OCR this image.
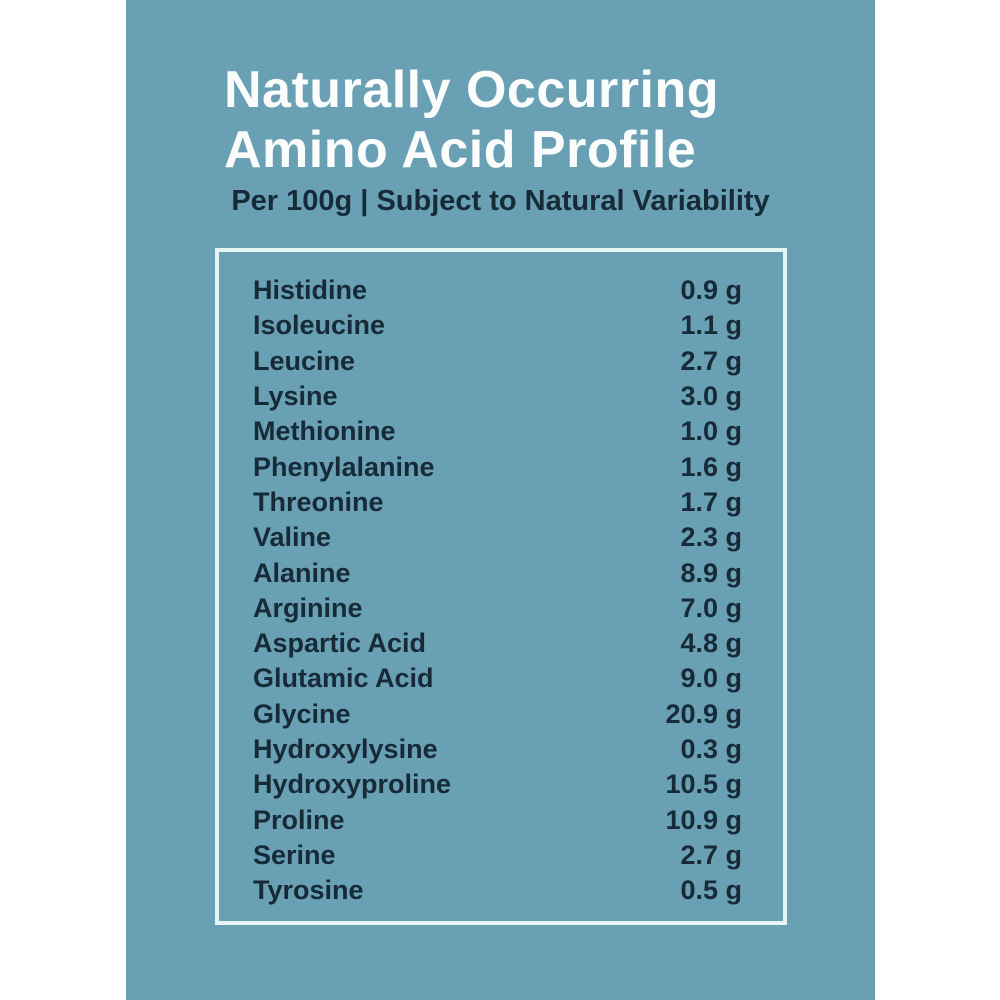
Naturally Occurring
Amino Acid Profile
Per 100g | Subject to Natural Variability
Histidine	0.9 g
Isoleucine	1.1 g
Leucine	2.7 g
Lysine	3.0 g
Methionine	1.0 g
Phenylalanine	1.6 g
Threonine	1.7 g
Valine	2.3 g
Alanine	8.9 g
Arginine	7.0 g
Aspartic Acid	4.8 g
Glutamic Acid	9.0 g
Glycine	20.9 g
Hydroxylysine	0.3 g
Hydroxyproline	10.5 g
Proline	10.9 g
Serine	2.7 g
Tyrosine	0.5 g
